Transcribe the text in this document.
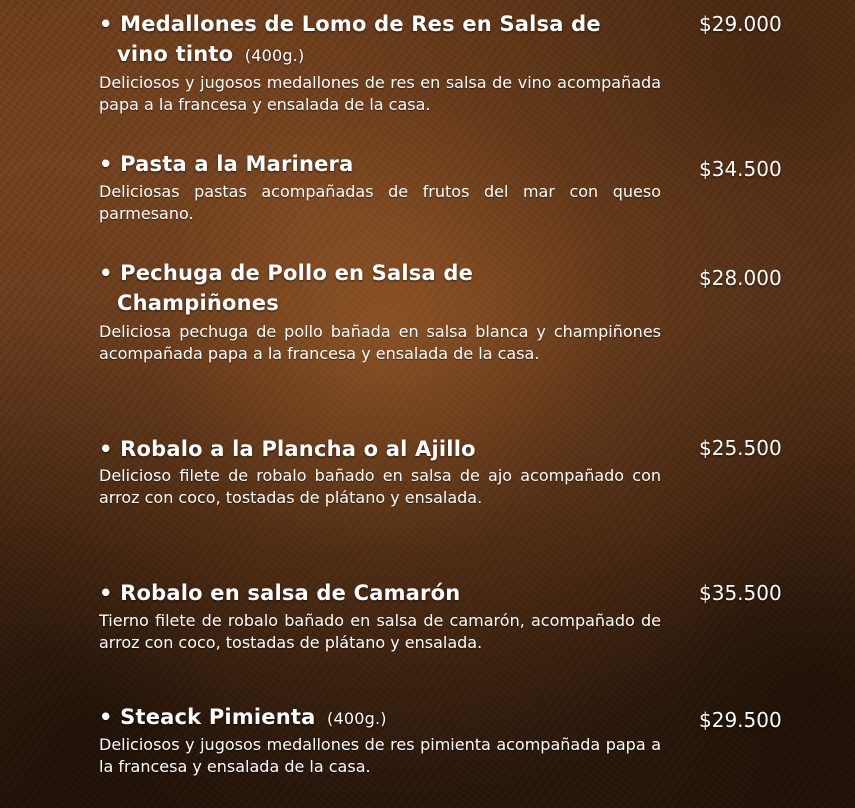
• Medallones de Lomo de Res en Salsa de
vino tinto (400g.)
Deliciosos y jugosos medallones de res en salsa de vino acompañada papa a la francesa y ensalada de la casa.
$29.000
• Pasta a la Marinera
Deliciosas pastas acompañadas de frutos del mar con queso parmesano.
$34.500
• Pechuga de Pollo en Salsa de
Champiñones
Deliciosa pechuga de pollo bañada en salsa blanca y champiñones acompañada papa a la francesa y ensalada de la casa.
$28.000
• Robalo a la Plancha o al Ajillo
Delicioso filete de robalo bañado en salsa de ajo acompañado con arroz con coco, tostadas de plátano y ensalada.
$25.500
• Robalo en salsa de Camarón
Tierno filete de robalo bañado en salsa de camarón, acompañado de arroz con coco, tostadas de plátano y ensalada.
$35.500
• Steack Pimienta (400g.)
Deliciosos y jugosos medallones de res pimienta acompañada papa a la francesa y ensalada de la casa.
$29.500
